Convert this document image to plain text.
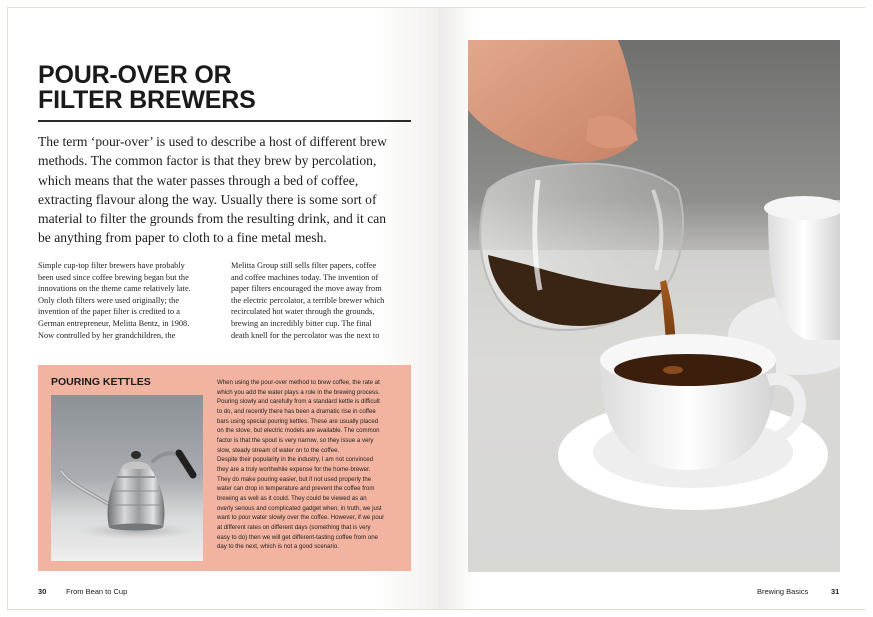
POUR-OVER OR
FILTER BREWERS
The term ‘pour-over’ is used to describe a host of different brew
methods. The common factor is that they brew by percolation,
which means that the water passes through a bed of coffee,
extracting flavour along the way. Usually there is some sort of
material to filter the grounds from the resulting drink, and it can
be anything from paper to cloth to a fine metal mesh.
Simple cup-top filter brewers have probably
been used since coffee brewing began but the
innovations on the theme came relatively late.
Only cloth filters were used originally; the
invention of the paper filter is credited to a
German entrepreneur, Melitta Bentz, in 1908.
Now controlled by her grandchildren, the
Melitta Group still sells filter papers, coffee
and coffee machines today. The invention of
paper filters encouraged the move away from
the electric percolator, a terrible brewer which
recirculated hot water through the grounds,
brewing an incredibly bitter cup. The final
death knell for the percolator was the next to
POURING KETTLES	When using the pour-over method to brew coffee, the rate at
which you add the water plays a role in the brewing process.
Pouring slowly and carefully from a standard kettle is difficult
to do, and recently there has been a dramatic rise in coffee
bars using special pouring kettles. These are usually placed
on the stove, but electric models are available. The common
factor is that the spout is very narrow, so they issue a very
slow, steady stream of water on to the coffee.
Despite their popularity in the industry, I am not convinced
they are a truly worthwhile expense for the home-brewer.
They do make pouring easier, but if not used properly the
water can drop in temperature and prevent the coffee from
brewing as well as it could. They could be viewed as an
overly serious and complicated gadget when, in truth, we just
want to pour water slowly over the coffee. However, if we pour
at different rates on different days (something that is very
easy to do) then we will get different-tasting coffee from one
day to the next, which is not a good scenario.
30	From Bean to Cup	Brewing Basics	31
